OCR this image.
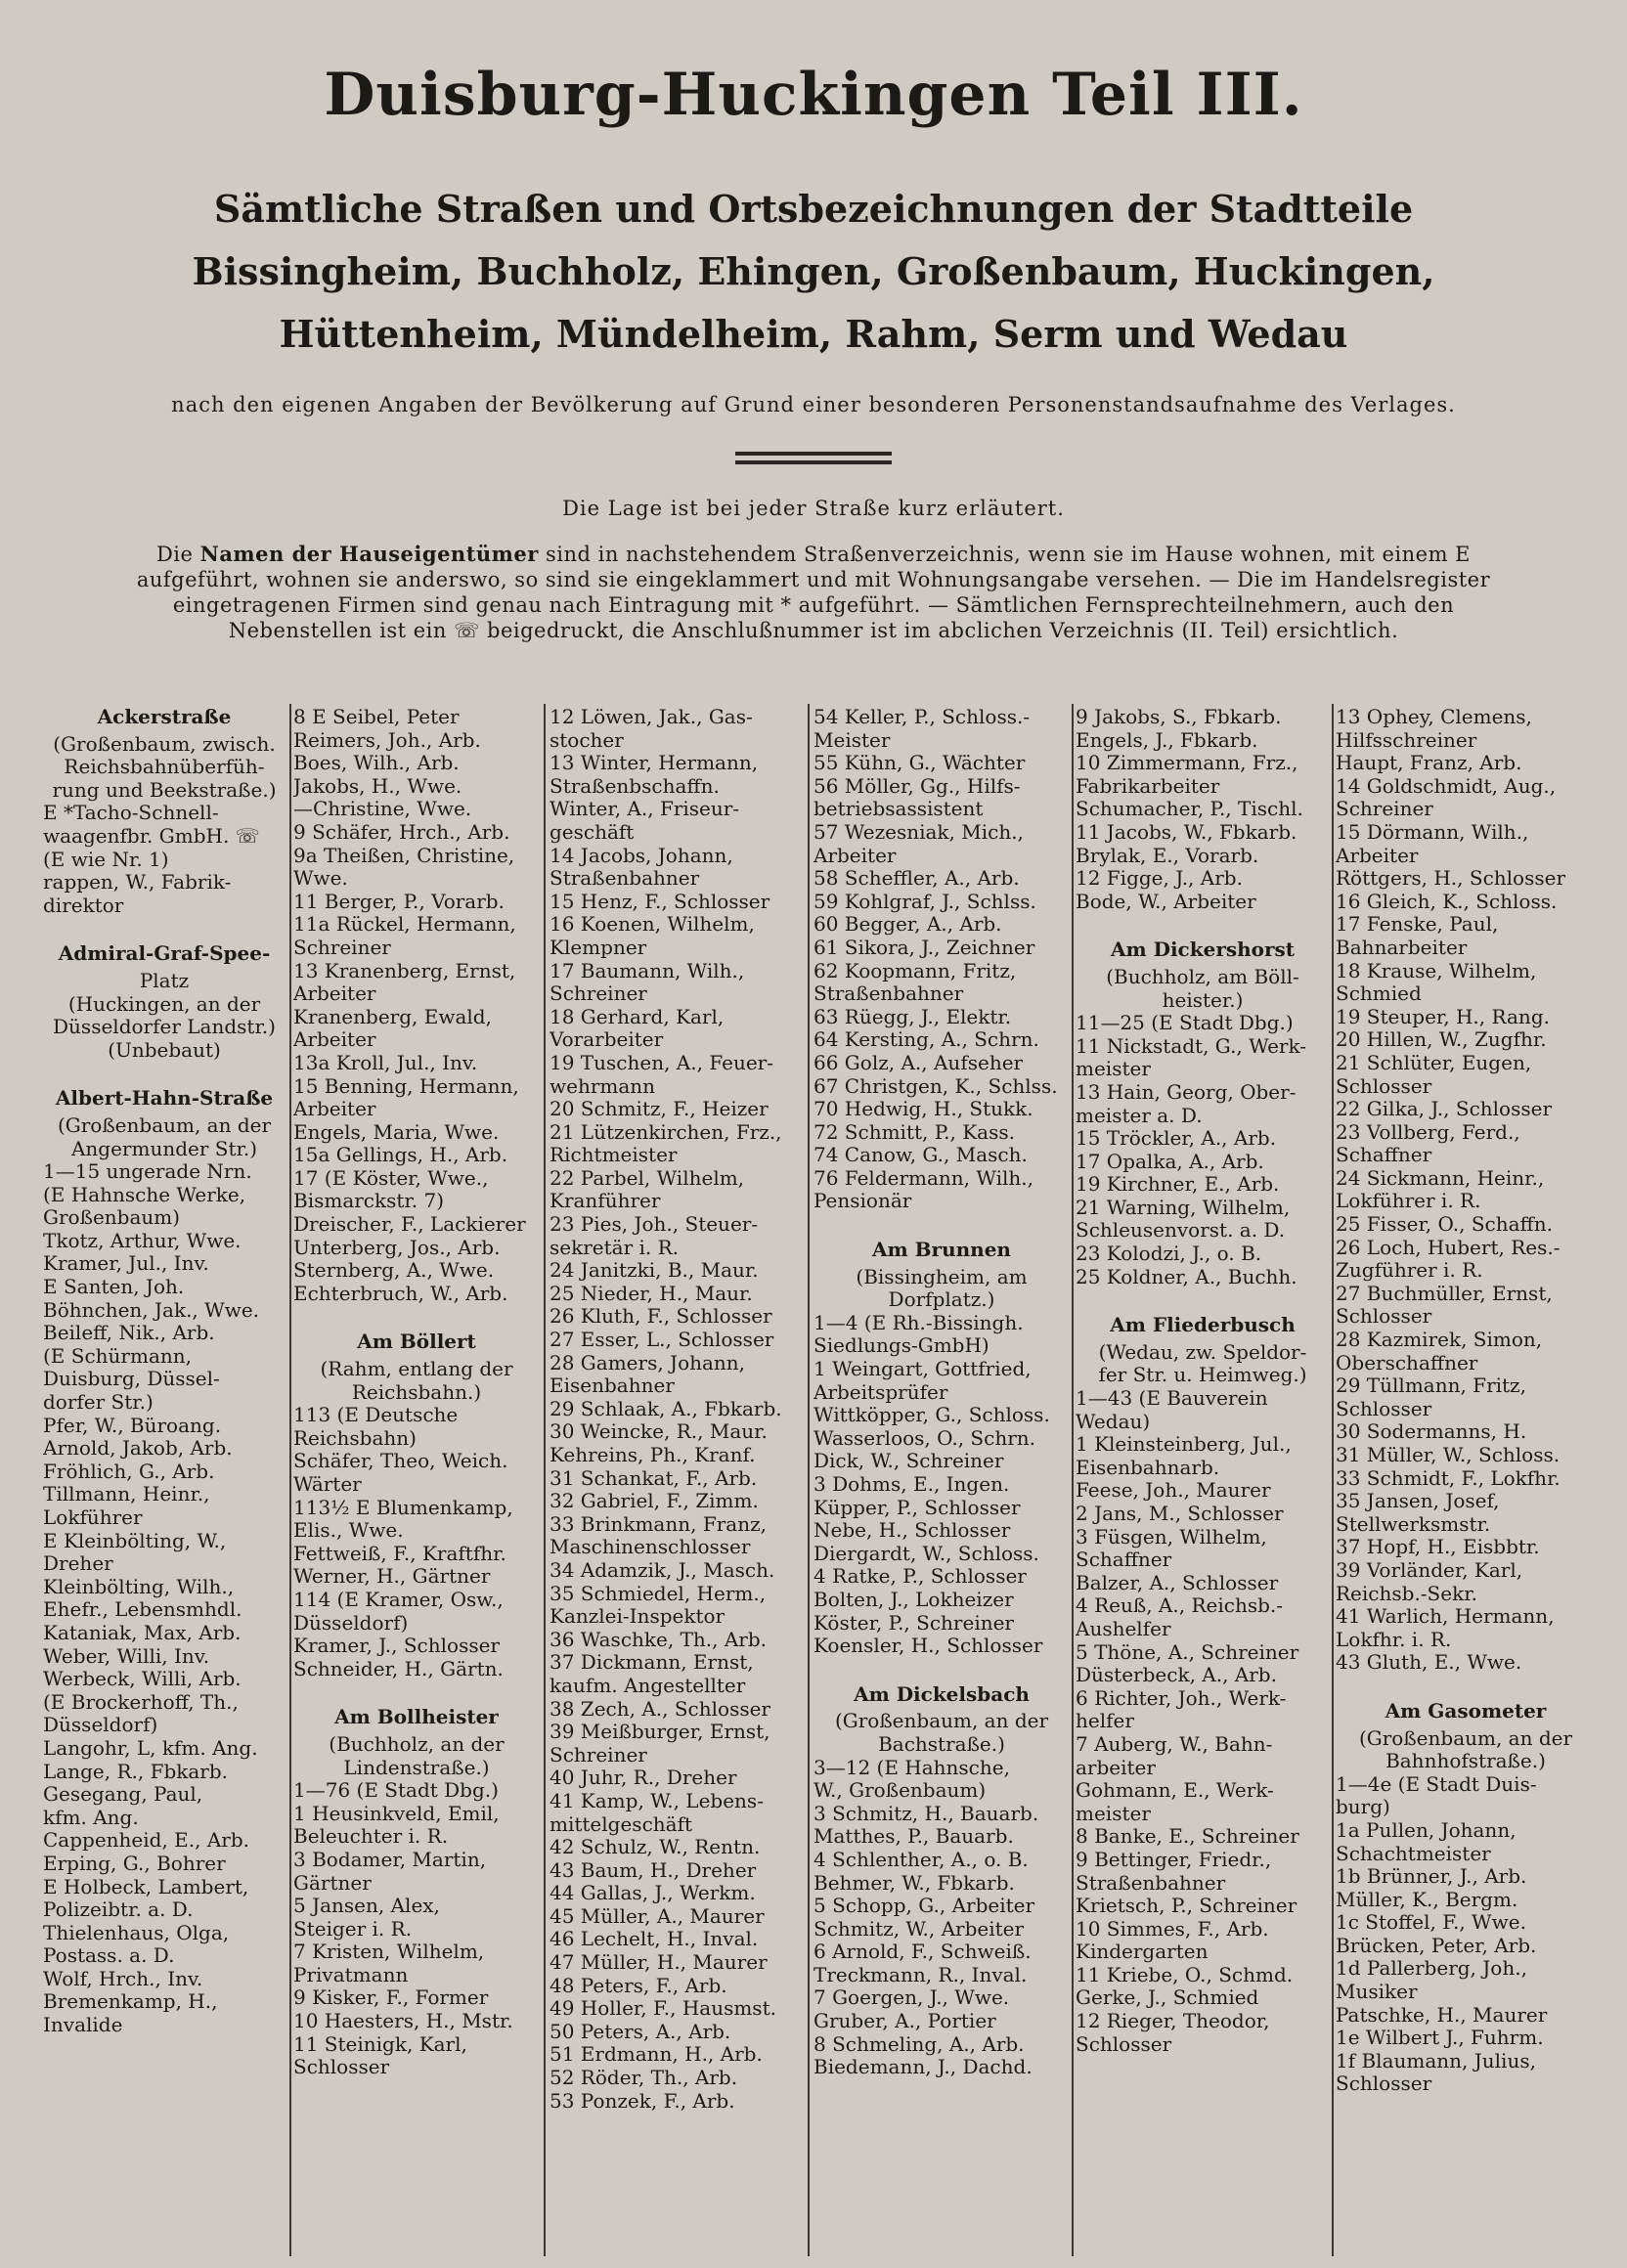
Duisburg-Huckingen Teil III.
Sämtliche Straßen und Ortsbezeichnungen der Stadtteile Bissingheim, Buchholz, Ehingen, Großenbaum, Huckingen, Hüttenheim, Mündelheim, Rahm, Serm und Wedau
nach den eigenen Angaben der Bevölkerung auf Grund einer besonderen Personenstandsaufnahme des Verlages.
Die Lage ist bei jeder Straße kurz erläutert.
Die Namen der Hauseigentümer sind in nachstehendem Straßenverzeichnis, wenn sie im Hause wohnen, mit einem E aufgeführt, wohnen sie anderswo, so sind sie eingeklammert und mit Wohnungsangabe versehen. — Die im Handelsregister eingetragenen Firmen sind genau nach Eintragung mit * aufgeführt. — Sämtlichen Fernsprechteilnehmern, auch den Nebenstellen ist ein ☏ beigedruckt, die Anschlußnummer ist im abclichen Verzeichnis (II. Teil) ersichtlich.
Ackerstraße
(Großenbaum, zwisch.
Reichsbahnüberfüh-
rung und Beekstraße.)
E *Tacho-Schnell-
waagenfbr. GmbH. ☏
(E wie Nr. 1)
rappen, W., Fabrik-
direktor
Admiral-Graf-Spee-
Platz
(Huckingen, an der
Düsseldorfer Landstr.)
(Unbebaut)
Albert-Hahn-Straße
(Großenbaum, an der
Angermunder Str.)
1—15 ungerade Nrn.
(E Hahnsche Werke,
Großenbaum)
Tkotz, Arthur, Wwe.
Kramer, Jul., Inv.
E Santen, Joh.
Böhnchen, Jak., Wwe.
Beileff, Nik., Arb.
(E Schürmann,
Duisburg, Düssel-
dorfer Str.)
Pfer, W., Büroang.
Arnold, Jakob, Arb.
Fröhlich, G., Arb.
Tillmann, Heinr.,
Lokführer
E Kleinbölting, W.,
Dreher
Kleinbölting, Wilh.,
Ehefr., Lebensmhdl.
Kataniak, Max, Arb.
Weber, Willi, Inv.
Werbeck, Willi, Arb.
(E Brockerhoff, Th.,
Düsseldorf)
Langohr, L, kfm. Ang.
Lange, R., Fbkarb.
Gesegang, Paul,
kfm. Ang.
Cappenheid, E., Arb.
Erping, G., Bohrer
E Holbeck, Lambert,
Polizeibtr. a. D.
Thielenhaus, Olga,
Postass. a. D.
Wolf, Hrch., Inv.
Bremenkamp, H.,
Invalide
8 E Seibel, Peter
Reimers, Joh., Arb.
Boes, Wilh., Arb.
Jakobs, H., Wwe.
—Christine, Wwe.
9 Schäfer, Hrch., Arb.
9a Theißen, Christine,
Wwe.
11 Berger, P., Vorarb.
11a Rückel, Hermann,
Schreiner
13 Kranenberg, Ernst,
Arbeiter
Kranenberg, Ewald,
Arbeiter
13a Kroll, Jul., Inv.
15 Benning, Hermann,
Arbeiter
Engels, Maria, Wwe.
15a Gellings, H., Arb.
17 (E Köster, Wwe.,
Bismarckstr. 7)
Dreischer, F., Lackierer
Unterberg, Jos., Arb.
Sternberg, A., Wwe.
Echterbruch, W., Arb.
Am Böllert
(Rahm, entlang der
Reichsbahn.)
113 (E Deutsche
Reichsbahn)
Schäfer, Theo, Weich.
Wärter
113½ E Blumenkamp,
Elis., Wwe.
Fettweiß, F., Kraftfhr.
Werner, H., Gärtner
114 (E Kramer, Osw.,
Düsseldorf)
Kramer, J., Schlosser
Schneider, H., Gärtn.
Am Bollheister
(Buchholz, an der
Lindenstraße.)
1—76 (E Stadt Dbg.)
1 Heusinkveld, Emil,
Beleuchter i. R.
3 Bodamer, Martin,
Gärtner
5 Jansen, Alex,
Steiger i. R.
7 Kristen, Wilhelm,
Privatmann
9 Kisker, F., Former
10 Haesters, H., Mstr.
11 Steinigk, Karl,
Schlosser
12 Löwen, Jak., Gas-
stocher
13 Winter, Hermann,
Straßenbschaffn.
Winter, A., Friseur-
geschäft
14 Jacobs, Johann,
Straßenbahner
15 Henz, F., Schlosser
16 Koenen, Wilhelm,
Klempner
17 Baumann, Wilh.,
Schreiner
18 Gerhard, Karl,
Vorarbeiter
19 Tuschen, A., Feuer-
wehrmann
20 Schmitz, F., Heizer
21 Lützenkirchen, Frz.,
Richtmeister
22 Parbel, Wilhelm,
Kranführer
23 Pies, Joh., Steuer-
sekretär i. R.
24 Janitzki, B., Maur.
25 Nieder, H., Maur.
26 Kluth, F., Schlosser
27 Esser, L., Schlosser
28 Gamers, Johann,
Eisenbahner
29 Schlaak, A., Fbkarb.
30 Weincke, R., Maur.
Kehreins, Ph., Kranf.
31 Schankat, F., Arb.
32 Gabriel, F., Zimm.
33 Brinkmann, Franz,
Maschinenschlosser
34 Adamzik, J., Masch.
35 Schmiedel, Herm.,
Kanzlei-Inspektor
36 Waschke, Th., Arb.
37 Dickmann, Ernst,
kaufm. Angestellter
38 Zech, A., Schlosser
39 Meißburger, Ernst,
Schreiner
40 Juhr, R., Dreher
41 Kamp, W., Lebens-
mittelgeschäft
42 Schulz, W., Rentn.
43 Baum, H., Dreher
44 Gallas, J., Werkm.
45 Müller, A., Maurer
46 Lechelt, H., Inval.
47 Müller, H., Maurer
48 Peters, F., Arb.
49 Holler, F., Hausmst.
50 Peters, A., Arb.
51 Erdmann, H., Arb.
52 Röder, Th., Arb.
53 Ponzek, F., Arb.
54 Keller, P., Schloss.-
Meister
55 Kühn, G., Wächter
56 Möller, Gg., Hilfs-
betriebsassistent
57 Wezesniak, Mich.,
Arbeiter
58 Scheffler, A., Arb.
59 Kohlgraf, J., Schlss.
60 Begger, A., Arb.
61 Sikora, J., Zeichner
62 Koopmann, Fritz,
Straßenbahner
63 Rüegg, J., Elektr.
64 Kersting, A., Schrn.
66 Golz, A., Aufseher
67 Christgen, K., Schlss.
70 Hedwig, H., Stukk.
72 Schmitt, P., Kass.
74 Canow, G., Masch.
76 Feldermann, Wilh.,
Pensionär
Am Brunnen
(Bissingheim, am
Dorfplatz.)
1—4 (E Rh.-Bissingh.
Siedlungs-GmbH)
1 Weingart, Gottfried,
Arbeitsprüfer
Wittköpper, G., Schloss.
Wasserloos, O., Schrn.
Dick, W., Schreiner
3 Dohms, E., Ingen.
Küpper, P., Schlosser
Nebe, H., Schlosser
Diergardt, W., Schloss.
4 Ratke, P., Schlosser
Bolten, J., Lokheizer
Köster, P., Schreiner
Koensler, H., Schlosser
Am Dickelsbach
(Großenbaum, an der
Bachstraße.)
3—12 (E Hahnsche,
W., Großenbaum)
3 Schmitz, H., Bauarb.
Matthes, P., Bauarb.
4 Schlenther, A., o. B.
Behmer, W., Fbkarb.
5 Schopp, G., Arbeiter
Schmitz, W., Arbeiter
6 Arnold, F., Schweiß.
Treckmann, R., Inval.
7 Goergen, J., Wwe.
Gruber, A., Portier
8 Schmeling, A., Arb.
Biedemann, J., Dachd.
9 Jakobs, S., Fbkarb.
Engels, J., Fbkarb.
10 Zimmermann, Frz.,
Fabrikarbeiter
Schumacher, P., Tischl.
11 Jacobs, W., Fbkarb.
Brylak, E., Vorarb.
12 Figge, J., Arb.
Bode, W., Arbeiter
Am Dickershorst
(Buchholz, am Böll-
heister.)
11—25 (E Stadt Dbg.)
11 Nickstadt, G., Werk-
meister
13 Hain, Georg, Ober-
meister a. D.
15 Tröckler, A., Arb.
17 Opalka, A., Arb.
19 Kirchner, E., Arb.
21 Warning, Wilhelm,
Schleusenvorst. a. D.
23 Kolodzi, J., o. B.
25 Koldner, A., Buchh.
Am Fliederbusch
(Wedau, zw. Speldor-
fer Str. u. Heimweg.)
1—43 (E Bauverein
Wedau)
1 Kleinsteinberg, Jul.,
Eisenbahnarb.
Feese, Joh., Maurer
2 Jans, M., Schlosser
3 Füsgen, Wilhelm,
Schaffner
Balzer, A., Schlosser
4 Reuß, A., Reichsb.-
Aushelfer
5 Thöne, A., Schreiner
Düsterbeck, A., Arb.
6 Richter, Joh., Werk-
helfer
7 Auberg, W., Bahn-
arbeiter
Gohmann, E., Werk-
meister
8 Banke, E., Schreiner
9 Bettinger, Friedr.,
Straßenbahner
Krietsch, P., Schreiner
10 Simmes, F., Arb.
Kindergarten
11 Kriebe, O., Schmd.
Gerke, J., Schmied
12 Rieger, Theodor,
Schlosser
13 Ophey, Clemens,
Hilfsschreiner
Haupt, Franz, Arb.
14 Goldschmidt, Aug.,
Schreiner
15 Dörmann, Wilh.,
Arbeiter
Röttgers, H., Schlosser
16 Gleich, K., Schloss.
17 Fenske, Paul,
Bahnarbeiter
18 Krause, Wilhelm,
Schmied
19 Steuper, H., Rang.
20 Hillen, W., Zugfhr.
21 Schlüter, Eugen,
Schlosser
22 Gilka, J., Schlosser
23 Vollberg, Ferd.,
Schaffner
24 Sickmann, Heinr.,
Lokführer i. R.
25 Fisser, O., Schaffn.
26 Loch, Hubert, Res.-
Zugführer i. R.
27 Buchmüller, Ernst,
Schlosser
28 Kazmirek, Simon,
Oberschaffner
29 Tüllmann, Fritz,
Schlosser
30 Sodermanns, H.
31 Müller, W., Schloss.
33 Schmidt, F., Lokfhr.
35 Jansen, Josef,
Stellwerksmstr.
37 Hopf, H., Eisbbtr.
39 Vorländer, Karl,
Reichsb.-Sekr.
41 Warlich, Hermann,
Lokfhr. i. R.
43 Gluth, E., Wwe.
Am Gasometer
(Großenbaum, an der
Bahnhofstraße.)
1—4e (E Stadt Duis-
burg)
1a Pullen, Johann,
Schachtmeister
1b Brünner, J., Arb.
Müller, K., Bergm.
1c Stoffel, F., Wwe.
Brücken, Peter, Arb.
1d Pallerberg, Joh.,
Musiker
Patschke, H., Maurer
1e Wilbert J., Fuhrm.
1f Blaumann, Julius,
Schlosser
